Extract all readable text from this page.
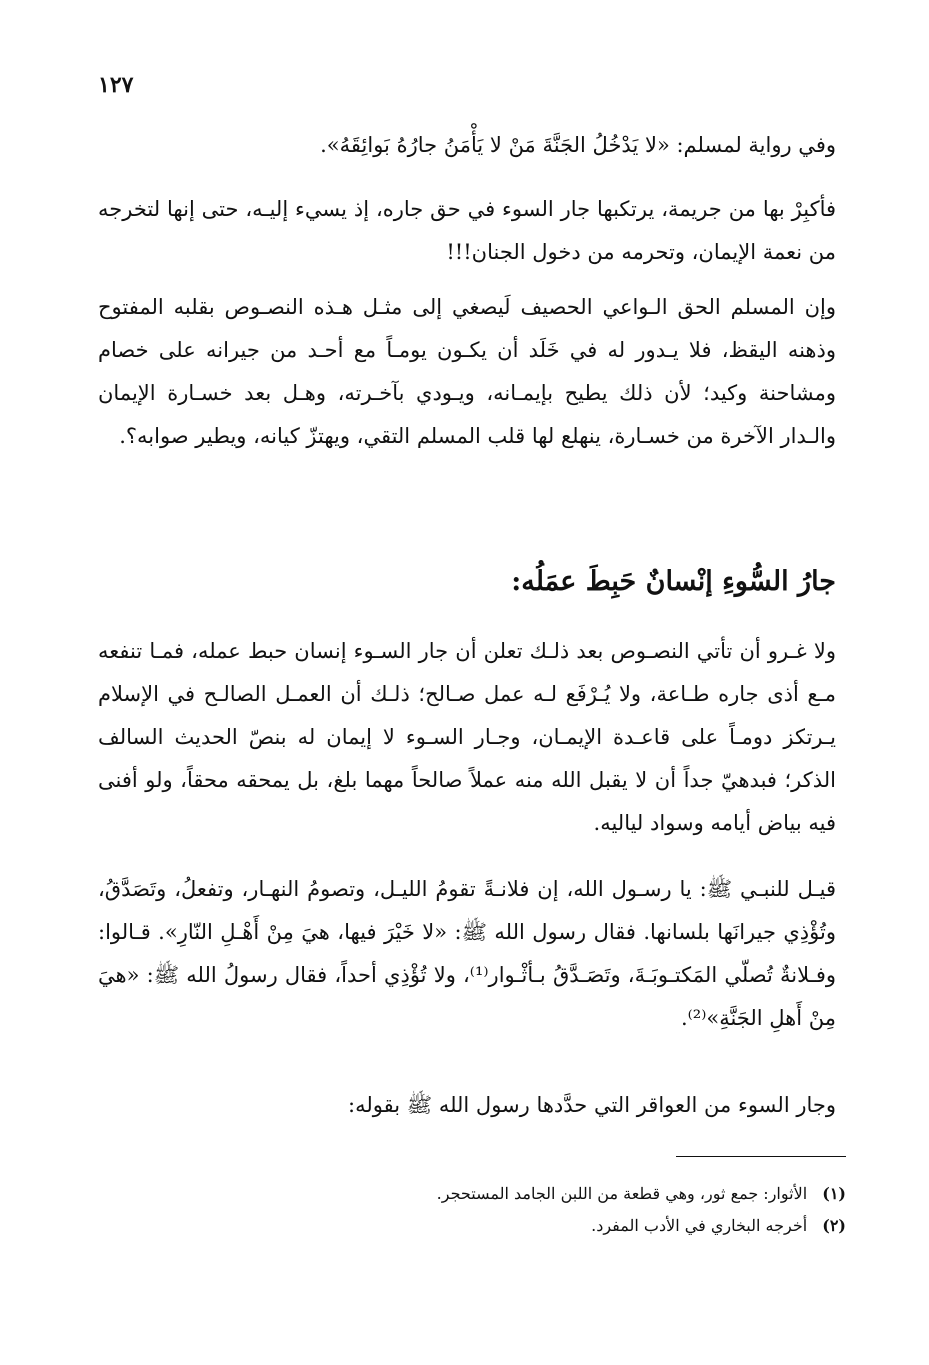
١٢٧

وفي رواية لمسلم: «لا يَدْخُلُ الجَنَّةَ مَنْ لا يَأْمَنُ جارُهُ بَوائِقَهُ».

فأكبِرْ بها من جريمة، يرتكبها جار السوء في حق جاره، إذ يسيء إليـه، حتى إنها لتخرجه من نعمة الإيمان، وتحرمه من دخول الجنان!!!

وإن المسلم الحق الـواعي الحصيف لَيصغي إلى مثـل هـذه النصـوص بقلبه المفتوح وذهنه اليقظ، فلا يـدور له في خَلَد أن يكـون يومـاً مع أحـد من جيرانه على خصام ومشاحنة وكيد؛ لأن ذلك يطيح بإيمـانه، ويـودي بآخـرته، وهـل بعد خسـارة الإيمان والـدار الآخرة من خسـارة، ينهلع لها قلب المسلم التقي، ويهتزّ كيانه، ويطير صوابه؟.

جارُ السُّوءِ إنْسانٌ حَبِطَ عمَلُه:

ولا غـرو أن تأتي النصـوص بعد ذلـك تعلن أن جار السـوء إنسان حبط عمله، فمـا تنفعه مـع أذى جاره طـاعة، ولا يُـرْفَع لـه عمل صـالح؛ ذلـك أن العمـل الصالـح في الإسلام يـرتكز دومـاً على قاعـدة الإيمـان، وجـار السـوء لا إيمان له بنصّ الحديث السالف الذكر؛ فبدهيّ جداً أن لا يقبل الله منه عملاً صالحاً مهما بلغ، بل يمحقه محقاً، ولو أفنى فيه بياض أيامه وسواد لياليه.

قيـل للنبـي ﷺ: يا رسـول الله، إن فلانـةً تقومُ الليـل، وتصومُ النهـار، وتفعلُ، وتَصَدَّقُ، وتُؤْذِي جيرانَها بلسانها. فقال رسول الله ﷺ: «لا خَيْرَ فيها، هيَ مِنْ أَهْـلِ النّارِ». قـالوا: وفـلانةٌ تُصلّي المَكتـوبَـةَ، وتَصَـدَّقُ بـأثْـوار⁽¹⁾، ولا تُؤْذِي أحداً، فقال رسولُ الله ﷺ: «هيَ مِنْ أَهلِ الجَنَّةِ»⁽²⁾.

وجار السوء من العواقر التي حدَّدها رسول الله ﷺ بقوله:

(١) الأثوار: جمع ثور، وهي قطعة من اللبن الجامد المستحجر.
(٢) أخرجه البخاري في الأدب المفرد.
